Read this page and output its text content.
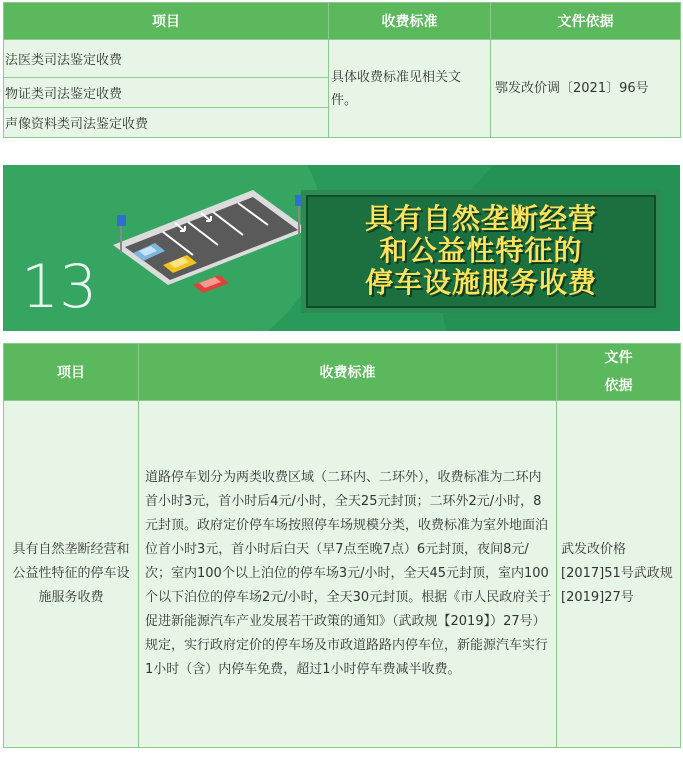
项目	收费标准	文件依据
法医类司法鉴定收费	具体收费标准见相关文件。	鄂发改价调〔2021〕96号
物证类司法鉴定收费		
声像资料类司法鉴定收费		
13
具有自然垄断经营
和公益性特征的
停车设施服务收费
项目	收费标准	文件
依据

具有自然垄断经营和公益性特征的停车设施服务收费	道路停车划分为两类收费区域（二环内、二环外），收费标准为二环内首小时3元，首小时后4元/小时，全天25元封顶；二环外2元/小时，8元封顶。政府定价停车场按照停车场规模分类，收费标准为室外地面泊位首小时3元，首小时后白天（早7点至晚7点）6元封顶，夜间8元/次；室内100个以上泊位的停车场3元/小时，全天45元封顶，室内100个以下泊位的停车场2元/小时，全天30元封顶。根据《市人民政府关于促进新能源汽车产业发展若干政策的通知》（武政规【2019】）27号）规定，实行政府定价的停车场及市政道路路内停车位，新能源汽车实行1小时（含）内停车免费，超过1小时停车费减半收费。	武发改价格[2017]51号武政规[2019]27号
